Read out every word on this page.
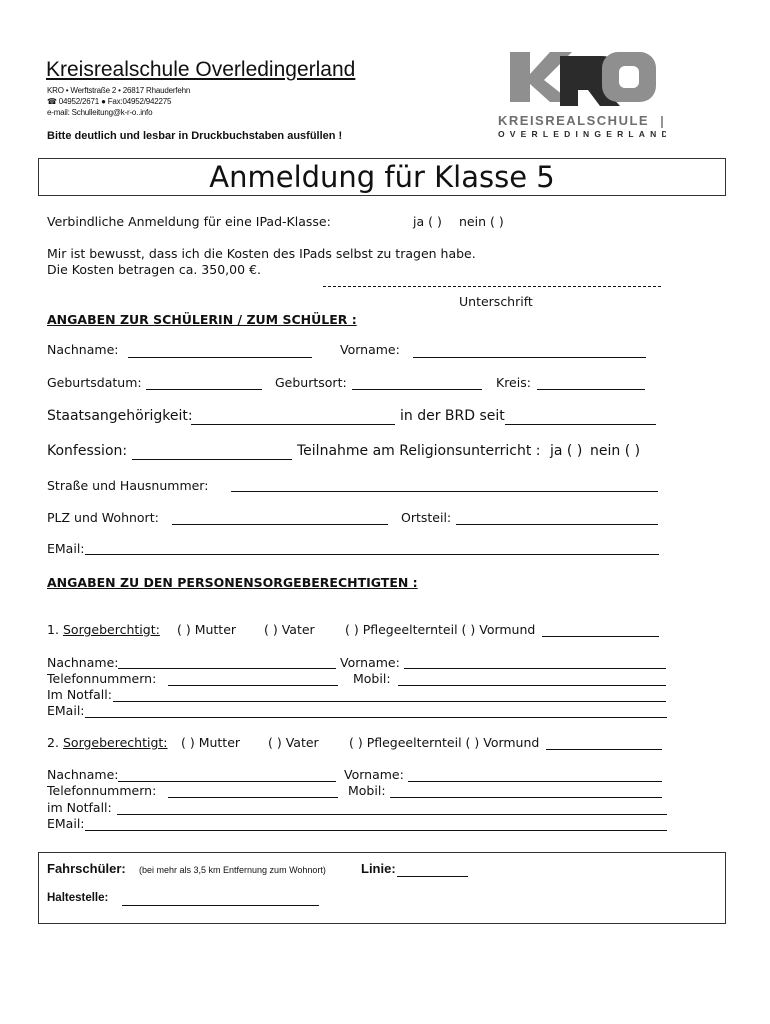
Kreisrealschule Overledingerland
KRO • Werftstraße 2 • 26817 Rhauderfehn
☎ 04952/2671 ● Fax:04952/942275
e-mail: Schulleitung@k-r-o..info
Bitte deutlich und lesbar in Druckbuchstaben ausfüllen !
KREISREALSCHULE
OVERLEDINGERLAND
Anmeldung für Klasse 5
Verbindliche Anmeldung für eine IPad-Klasse:	ja ( ) nein ( )
Mir ist bewusst, dass ich die Kosten des IPads selbst zu tragen habe.
Die Kosten betragen ca. 350,00 €.
Unterschrift
ANGABEN ZUR SCHÜLERIN / ZUM SCHÜLER :
Nachname:	Vorname:
Geburtsdatum:	Geburtsort:	Kreis:
Staatsangehörigkeit:	in der BRD seit
Konfession:	Teilnahme am Religionsunterricht : ja ( ) nein ( )
Straße und Hausnummer:
PLZ und Wohnort:	Ortsteil:
EMail:
ANGABEN ZU DEN PERSONENSORGEBERECHTIGTEN :
1. Sorgeberchtigt: ( ) Mutter ( ) Vater ( ) Pflegeelternteil ( ) Vormund
Nachname:	Vorname:
Telefonnummern:	Mobil:
Im Notfall:
EMail:
2. Sorgeberechtigt: ( ) Mutter ( ) Vater ( ) Pflegeelternteil ( ) Vormund
Nachname:	Vorname:
Telefonnummern:	Mobil:
im Notfall:
EMail:
Fahrschüler: (bei mehr als 3,5 km Entfernung zum Wohnort)	Linie:
Haltestelle:
